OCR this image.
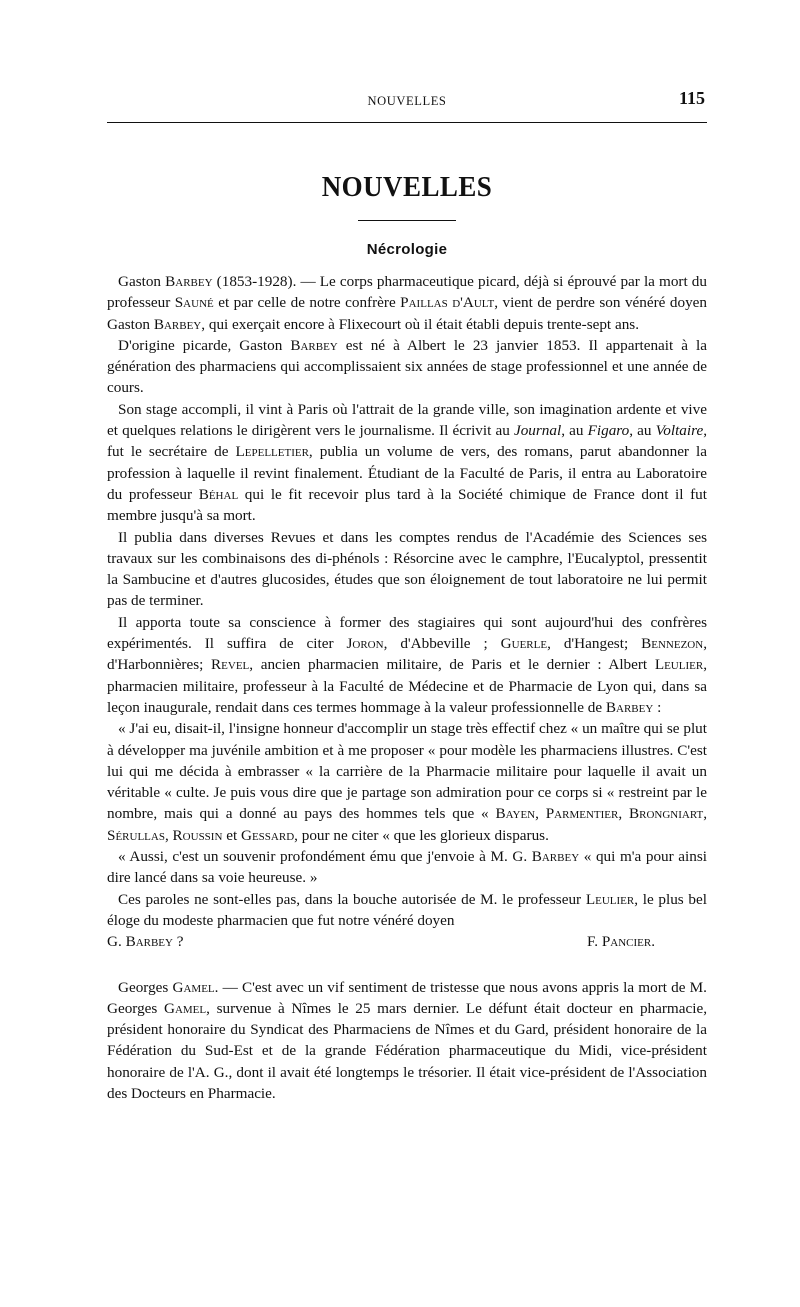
NOUVELLES	115
NOUVELLES
Nécrologie

Gaston Barbey (1853-1928). — Le corps pharmaceutique picard, déjà si éprouvé par la mort du professeur Sauné et par celle de notre confrère Paillas d'Ault, vient de perdre son vénéré doyen Gaston Barbey, qui exerçait encore à Flixecourt où il était établi depuis trente-sept ans.

D'origine picarde, Gaston Barbey est né à Albert le 23 janvier 1853. Il appartenait à la génération des pharmaciens qui accomplissaient six années de stage professionnel et une année de cours.

Son stage accompli, il vint à Paris où l'attrait de la grande ville, son imagination ardente et vive et quelques relations le dirigèrent vers le journalisme. Il écrivit au Journal, au Figaro, au Voltaire, fut le secrétaire de Lepelletier, publia un volume de vers, des romans, parut abandonner la profession à laquelle il revint finalement. Étudiant de la Faculté de Paris, il entra au Laboratoire du professeur Béhal qui le fit recevoir plus tard à la Société chimique de France dont il fut membre jusqu'à sa mort.

Il publia dans diverses Revues et dans les comptes rendus de l'Académie des Sciences ses travaux sur les combinaisons des di-phénols : Résorcine avec le camphre, l'Eucalyptol, pressentit la Sambucine et d'autres glucosides, études que son éloignement de tout laboratoire ne lui permit pas de terminer.

Il apporta toute sa conscience à former des stagiaires qui sont aujourd'hui des confrères expérimentés. Il suffira de citer Joron, d'Abbeville ; Guerle, d'Hangest; Bennezon, d'Harbonnières; Revel, ancien pharmacien militaire, de Paris et le dernier : Albert Leulier, pharmacien militaire, professeur à la Faculté de Médecine et de Pharmacie de Lyon qui, dans sa leçon inaugurale, rendait dans ces termes hommage à la valeur professionnelle de Barbey :

« J'ai eu, disait-il, l'insigne honneur d'accomplir un stage très effectif chez « un maître qui se plut à développer ma juvénile ambition et à me proposer « pour modèle les pharmaciens illustres. C'est lui qui me décida à embrasser « la carrière de la Pharmacie militaire pour laquelle il avait un véritable « culte. Je puis vous dire que je partage son admiration pour ce corps si « restreint par le nombre, mais qui a donné au pays des hommes tels que « Bayen, Parmentier, Brongniart, Sérullas, Roussin et Gessard, pour ne citer « que les glorieux disparus.

« Aussi, c'est un souvenir profondément ému que j'envoie à M. G. Barbey « qui m'a pour ainsi dire lancé dans sa voie heureuse. »

Ces paroles ne sont-elles pas, dans la bouche autorisée de M. le professeur Leulier, le plus bel éloge du modeste pharmacien que fut notre vénéré doyen

G. Barbey ?	F. Pancier.

Georges Gamel. — C'est avec un vif sentiment de tristesse que nous avons appris la mort de M. Georges Gamel, survenue à Nîmes le 25 mars dernier. Le défunt était docteur en pharmacie, président honoraire du Syndicat des Pharmaciens de Nîmes et du Gard, président honoraire de la Fédération du Sud-Est et de la grande Fédération pharmaceutique du Midi, vice-président honoraire de l'A. G., dont il avait été longtemps le trésorier. Il était vice-président de l'Association des Docteurs en Pharmacie.
